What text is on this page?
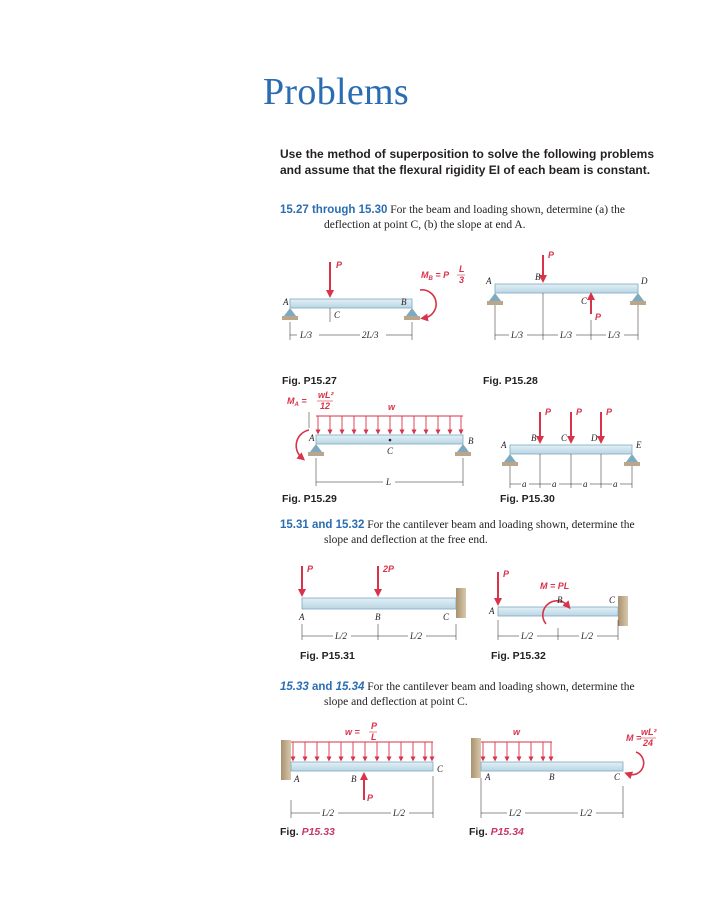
Problems
Use the method of superposition to solve the following problems and assume that the flexural rigidity EI of each beam is constant.
15.27 through 15.30 For the beam and loading shown, determine (a) the
deflection at point C, (b) the slope at end A.
15.31 and 15.32 For the cantilever beam and loading shown, determine the
slope and deflection at the free end.
15.33 and 15.34 For the cantilever beam and loading shown, determine the
slope and deflection at point C.
Fig. P15.27	Fig. P15.28
Fig. P15.29	Fig. P15.30
Fig. P15.31	Fig. P15.32
Fig. P15.33	Fig. P15.34
P
A	B
C
$M_B = P$
L
3
L/3	2L/3
P
P
A	B
C
D
L/3	L/3	L/3
w
C
A	B
$M_A$ =
wL²
12
L
P	P	P
A
B	C	D
E
a	a	a	a
P	2P
A	B	C
L/2	L/2
P
M = PL
A
B	C
L/2	L/2
w =
P
L
P
A	B
C
L/2	L/2
w
M =
wL²
24
A	B	C
L/2	L/2
